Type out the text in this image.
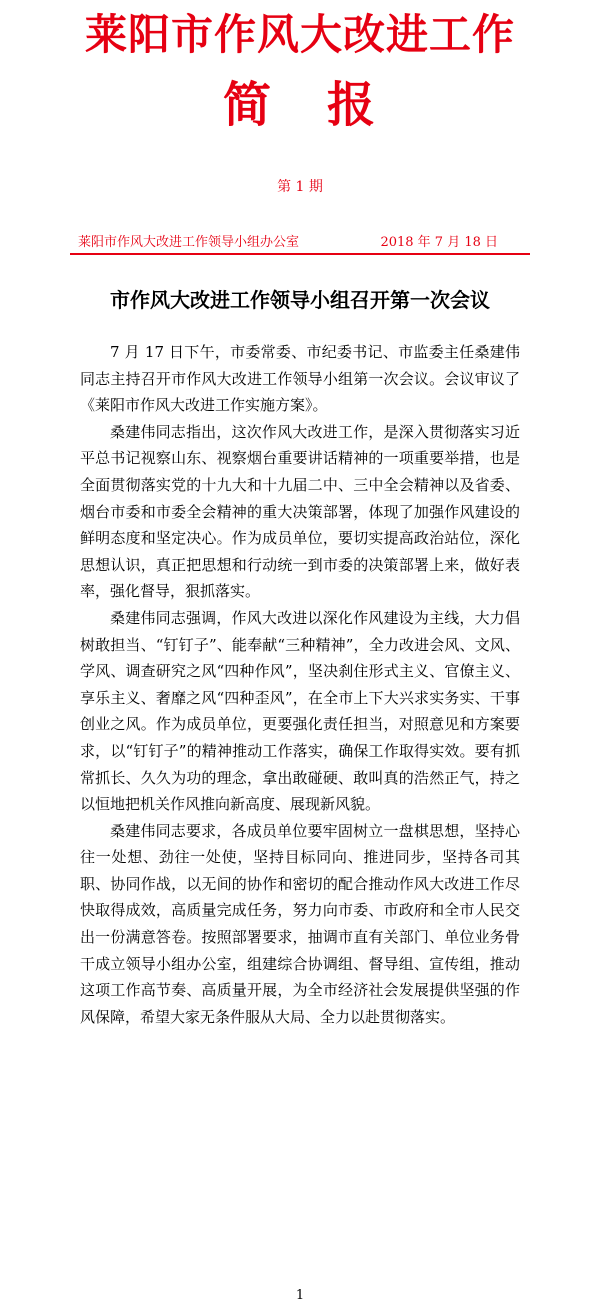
莱阳市作风大改进工作
简 报
第 1 期
莱阳市作风大改进工作领导小组办公室	2018 年 7 月 18 日
市作风大改进工作领导小组召开第一次会议

7 月 17 日下午，市委常委、市纪委书记、市监委主任桑建伟同志主持召开市作风大改进工作领导小组第一次会议。会议审议了《莱阳市作风大改进工作实施方案》。

桑建伟同志指出，这次作风大改进工作，是深入贯彻落实习近平总书记视察山东、视察烟台重要讲话精神的一项重要举措，也是全面贯彻落实党的十九大和十九届二中、三中全会精神以及省委、烟台市委和市委全会精神的重大决策部署，体现了加强作风建设的鲜明态度和坚定决心。作为成员单位，要切实提高政治站位，深化思想认识，真正把思想和行动统一到市委的决策部署上来，做好表率，强化督导，狠抓落实。

桑建伟同志强调，作风大改进以深化作风建设为主线，大力倡树敢担当、“钉钉子”、能奉献“三种精神”，全力改进会风、文风、学风、调查研究之风“四种作风”，坚决刹住形式主义、官僚主义、享乐主义、奢靡之风“四种歪风”，在全市上下大兴求实务实、干事创业之风。作为成员单位，更要强化责任担当，对照意见和方案要求，以“钉钉子”的精神推动工作落实，确保工作取得实效。要有抓常抓长、久久为功的理念，拿出敢碰硬、敢叫真的浩然正气，持之以恒地把机关作风推向新高度、展现新风貌。

桑建伟同志要求，各成员单位要牢固树立一盘棋思想，坚持心往一处想、劲往一处使，坚持目标同向、推进同步，坚持各司其职、协同作战，以无间的协作和密切的配合推动作风大改进工作尽快取得成效，高质量完成任务，努力向市委、市政府和全市人民交出一份满意答卷。按照部署要求，抽调市直有关部门、单位业务骨干成立领导小组办公室，组建综合协调组、督导组、宣传组，推动这项工作高节奏、高质量开展，为全市经济社会发展提供坚强的作风保障，希望大家无条件服从大局、全力以赴贯彻落实。

1
